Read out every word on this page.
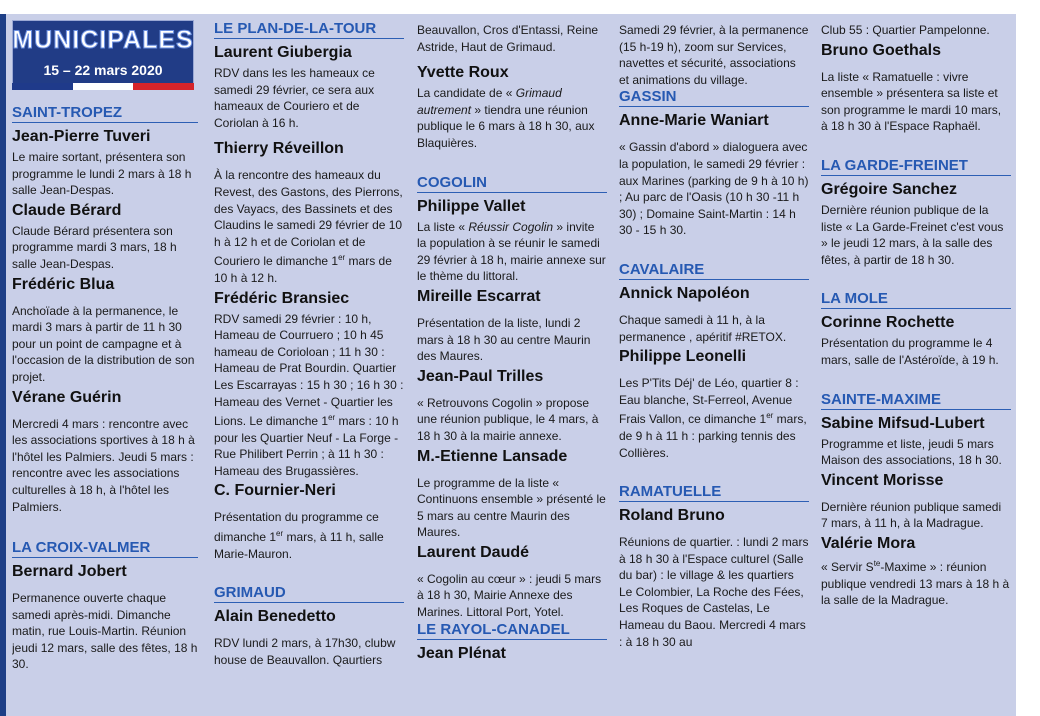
MUNICIPALES
15 – 22 mars 2020
SAINT-TROPEZ
Jean-Pierre Tuveri

Le maire sortant, présentera son programme le lundi 2 mars à 18 h salle Jean-Despas.

Claude Bérard

Claude Bérard présentera son programme mardi 3 mars, 18 h salle Jean-Despas.

Frédéric Blua

Anchoïade à la permanence, le mardi 3 mars à partir de 11 h 30 pour un point de campagne et à l'occasion de la distribution de son projet.

Vérane Guérin

Mercredi 4 mars : rencontre avec les associations sportives à 18 h à l'hôtel les Palmiers. Jeudi 5 mars : rencontre avec les associations culturelles à 18 h, à l'hôtel les Palmiers.

LA CROIX-VALMER
Bernard Jobert

Permanence ouverte chaque samedi après-midi. Dimanche matin, rue Louis-Martin. Réunion jeudi 12 mars, salle des fêtes, 18 h 30.

LE PLAN-DE-LA-TOUR
Laurent Giubergia

RDV dans les les hameaux ce samedi 29 février, ce sera aux hameaux de Couriero et de Coriolan à 16 h.

Thierry Réveillon

À la rencontre des hameaux du Revest, des Gastons, des Pierrons, des Vayacs, des Bassinets et des Claudins le samedi 29 février de 10 h à 12 h et de Coriolan et de Couriero le dimanche 1er mars de 10 h à 12 h.

Frédéric Bransiec

RDV samedi 29 février : 10 h, Hameau de Courruero ; 10 h 45 hameau de Corioloan ; 11 h 30 : Hameau de Prat Bourdin. Quartier Les Escarrayas : 15 h 30 ; 16 h 30 : Hameau des Vernet - Quartier les Lions. Le dimanche 1er mars : 10 h pour les Quartier Neuf - La Forge - Rue Philibert Perrin ; à 11 h 30 : Hameau des Brugassières.

C. Fournier-Neri

Présentation du programme ce dimanche 1er mars, à 11 h, salle Marie-Mauron.

GRIMAUD
Alain Benedetto

RDV lundi 2 mars, à 17h30, clubw house de Beauvallon. Qaurtiers

Beauvallon, Cros d'Entassi, Reine Astride, Haut de Grimaud.

Yvette Roux

La candidate de « Grimaud autrement » tiendra une réunion publique le 6 mars à 18 h 30, aux Blaquières.

COGOLIN
Philippe Vallet

La liste « Réussir Cogolin » invite la population à se réunir le samedi 29 février à 18 h, mairie annexe sur le thème du littoral.

Mireille Escarrat

Présentation de la liste, lundi 2 mars à 18 h 30 au centre Maurin des Maures.

Jean-Paul Trilles

« Retrouvons Cogolin » propose une réunion publique, le 4 mars, à 18 h 30 à la mairie annexe.

M.-Etienne Lansade

Le programme de la liste « Continuons ensemble » présenté le 5 mars au centre Maurin des Maures.

Laurent Daudé

« Cogolin au cœur » : jeudi 5 mars à 18 h 30, Mairie Annexe des Marines. Littoral Port, Yotel.

LE RAYOL-CANADEL
Jean Plénat

Samedi 29 février, à la permanence (15 h-19 h), zoom sur Services, navettes et sécurité, associations et animations du village.

GASSIN
Anne-Marie Waniart

« Gassin d'abord » dialoguera avec la population, le samedi 29 février : aux Marines (parking de 9 h à 10 h) ; Au parc de l'Oasis (10 h 30 -11 h 30) ; Domaine Saint-Martin : 14 h 30 - 15 h 30.

CAVALAIRE
Annick Napoléon

Chaque samedi à 11 h, à la permanence , apéritif #RETOX.

Philippe Leonelli

Les P'Tits Déj' de Léo, quartier 8 : Eau blanche, St-Ferreol, Avenue Frais Vallon, ce dimanche 1er mars, de 9 h à 11 h : parking tennis des Collières.

RAMATUELLE
Roland Bruno

Réunions de quartier. : lundi 2 mars à 18 h 30 à l'Espace culturel (Salle du bar) : le village & les quartiers Le Colombier, La Roche des Fées, Les Roques de Castelas, Le Hameau du Baou. Mercredi 4 mars : à 18 h 30 au

Club 55 : Quartier Pampelonne.

Bruno Goethals

La liste « Ramatuelle : vivre ensemble » présentera sa liste et son programme le mardi 10 mars, à 18 h 30 à l'Espace Raphaël.

LA GARDE-FREINET
Grégoire Sanchez

Dernière réunion publique de la liste « La Garde-Freinet c'est vous » le jeudi 12 mars, à la salle des fêtes, à partir de 18 h 30.

LA MOLE
Corinne Rochette

Présentation du programme le 4 mars, salle de l'Astéroïde, à 19 h.

SAINTE-MAXIME
Sabine Mifsud-Lubert

Programme et liste, jeudi 5 mars Maison des associations, 18 h 30.

Vincent Morisse

Dernière réunion publique samedi 7 mars, à 11 h, à la Madrague.

Valérie Mora

« Servir $S^{te}$-Maxime » : réunion publique vendredi 13 mars à 18 h à la salle de la Madrague.
